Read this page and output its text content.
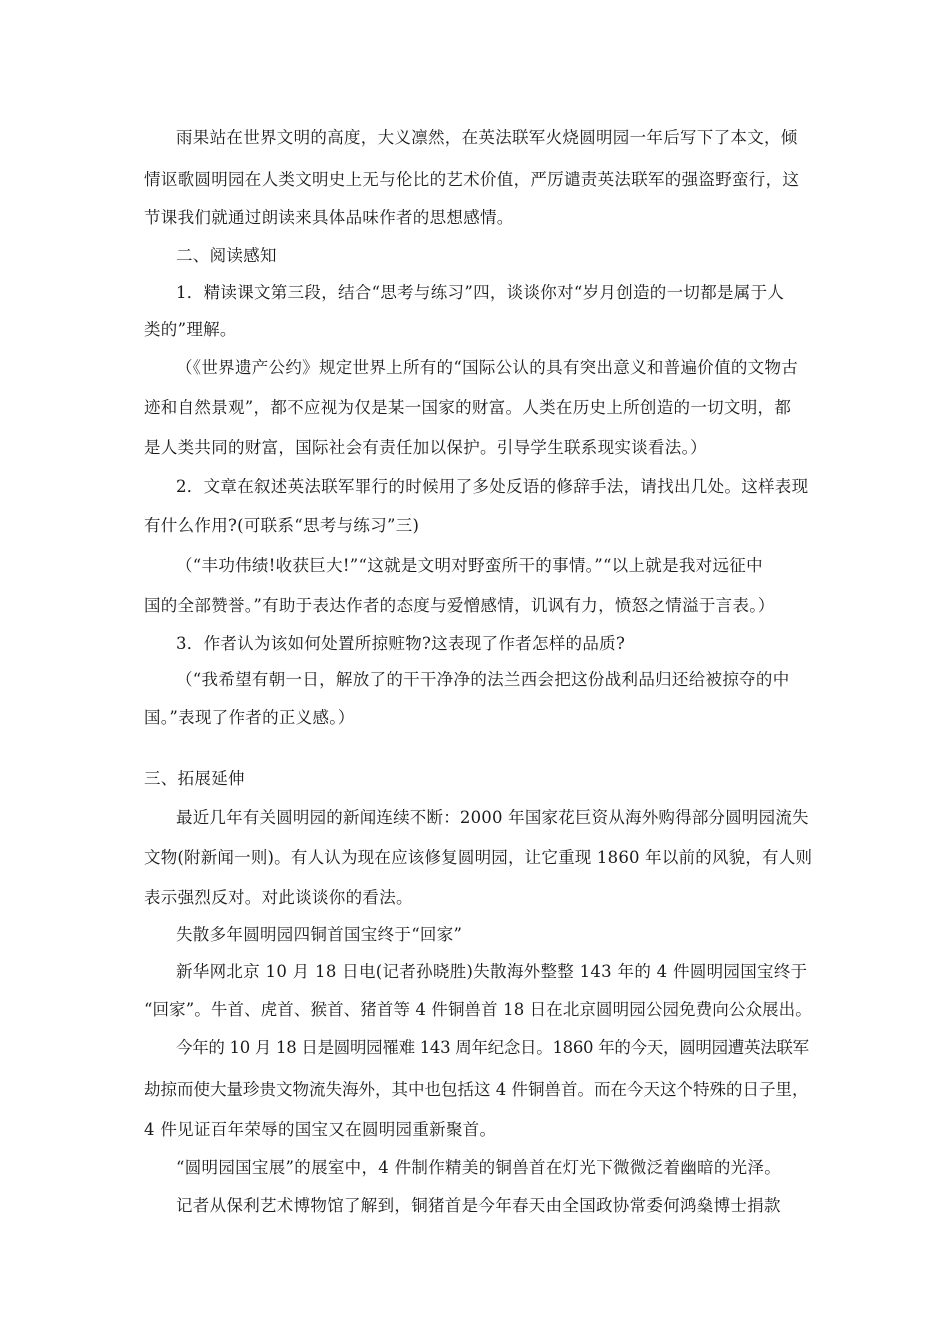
雨果站在世界文明的高度，大义凛然，在英法联军火烧圆明园一年后写下了本文，倾

情讴歌圆明园在人类文明史上无与伦比的艺术价值，严厉谴责英法联军的强盗野蛮行，这

节课我们就通过朗读来具体品味作者的思想感情。

二、阅读感知

1．精读课文第三段，结合“思考与练习”四，谈谈你对“岁月创造的一切都是属于人

类的”理解。

（《世界遗产公约》规定世界上所有的“国际公认的具有突出意义和普遍价值的文物古

迹和自然景观”，都不应视为仅是某一国家的财富。人类在历史上所创造的一切文明，都

是人类共同的财富，国际社会有责任加以保护。引导学生联系现实谈看法。）

2．文章在叙述英法联军罪行的时候用了多处反语的修辞手法，请找出几处。这样表现

有什么作用?(可联系“思考与练习”三)

（“丰功伟绩!收获巨大!”“这就是文明对野蛮所干的事情。”“以上就是我对远征中

国的全部赞誉。”有助于表达作者的态度与爱憎感情，讥讽有力，愤怒之情溢于言表。）

3．作者认为该如何处置所掠赃物?这表现了作者怎样的品质?

（“我希望有朝一日，解放了的干干净净的法兰西会把这份战利品归还给被掠夺的中

国。”表现了作者的正义感。）

三、拓展延伸

最近几年有关圆明园的新闻连续不断：2000 年国家花巨资从海外购得部分圆明园流失

文物(附新闻一则)。有人认为现在应该修复圆明园，让它重现 1860 年以前的风貌，有人则

表示强烈反对。对此谈谈你的看法。

失散多年圆明园四铜首国宝终于“回家”

新华网北京 10 月 18 日电(记者孙晓胜)失散海外整整 143 年的 4 件圆明园国宝终于

“回家”。牛首、虎首、猴首、猪首等 4 件铜兽首 18 日在北京圆明园公园免费向公众展出。

今年的 10 月 18 日是圆明园罹难 143 周年纪念日。1860 年的今天，圆明园遭英法联军

劫掠而使大量珍贵文物流失海外，其中也包括这 4 件铜兽首。而在今天这个特殊的日子里，

4 件见证百年荣辱的国宝又在圆明园重新聚首。

“圆明园国宝展”的展室中，4 件制作精美的铜兽首在灯光下微微泛着幽暗的光泽。

记者从保利艺术博物馆了解到，铜猪首是今年春天由全国政协常委何鸿燊博士捐款
